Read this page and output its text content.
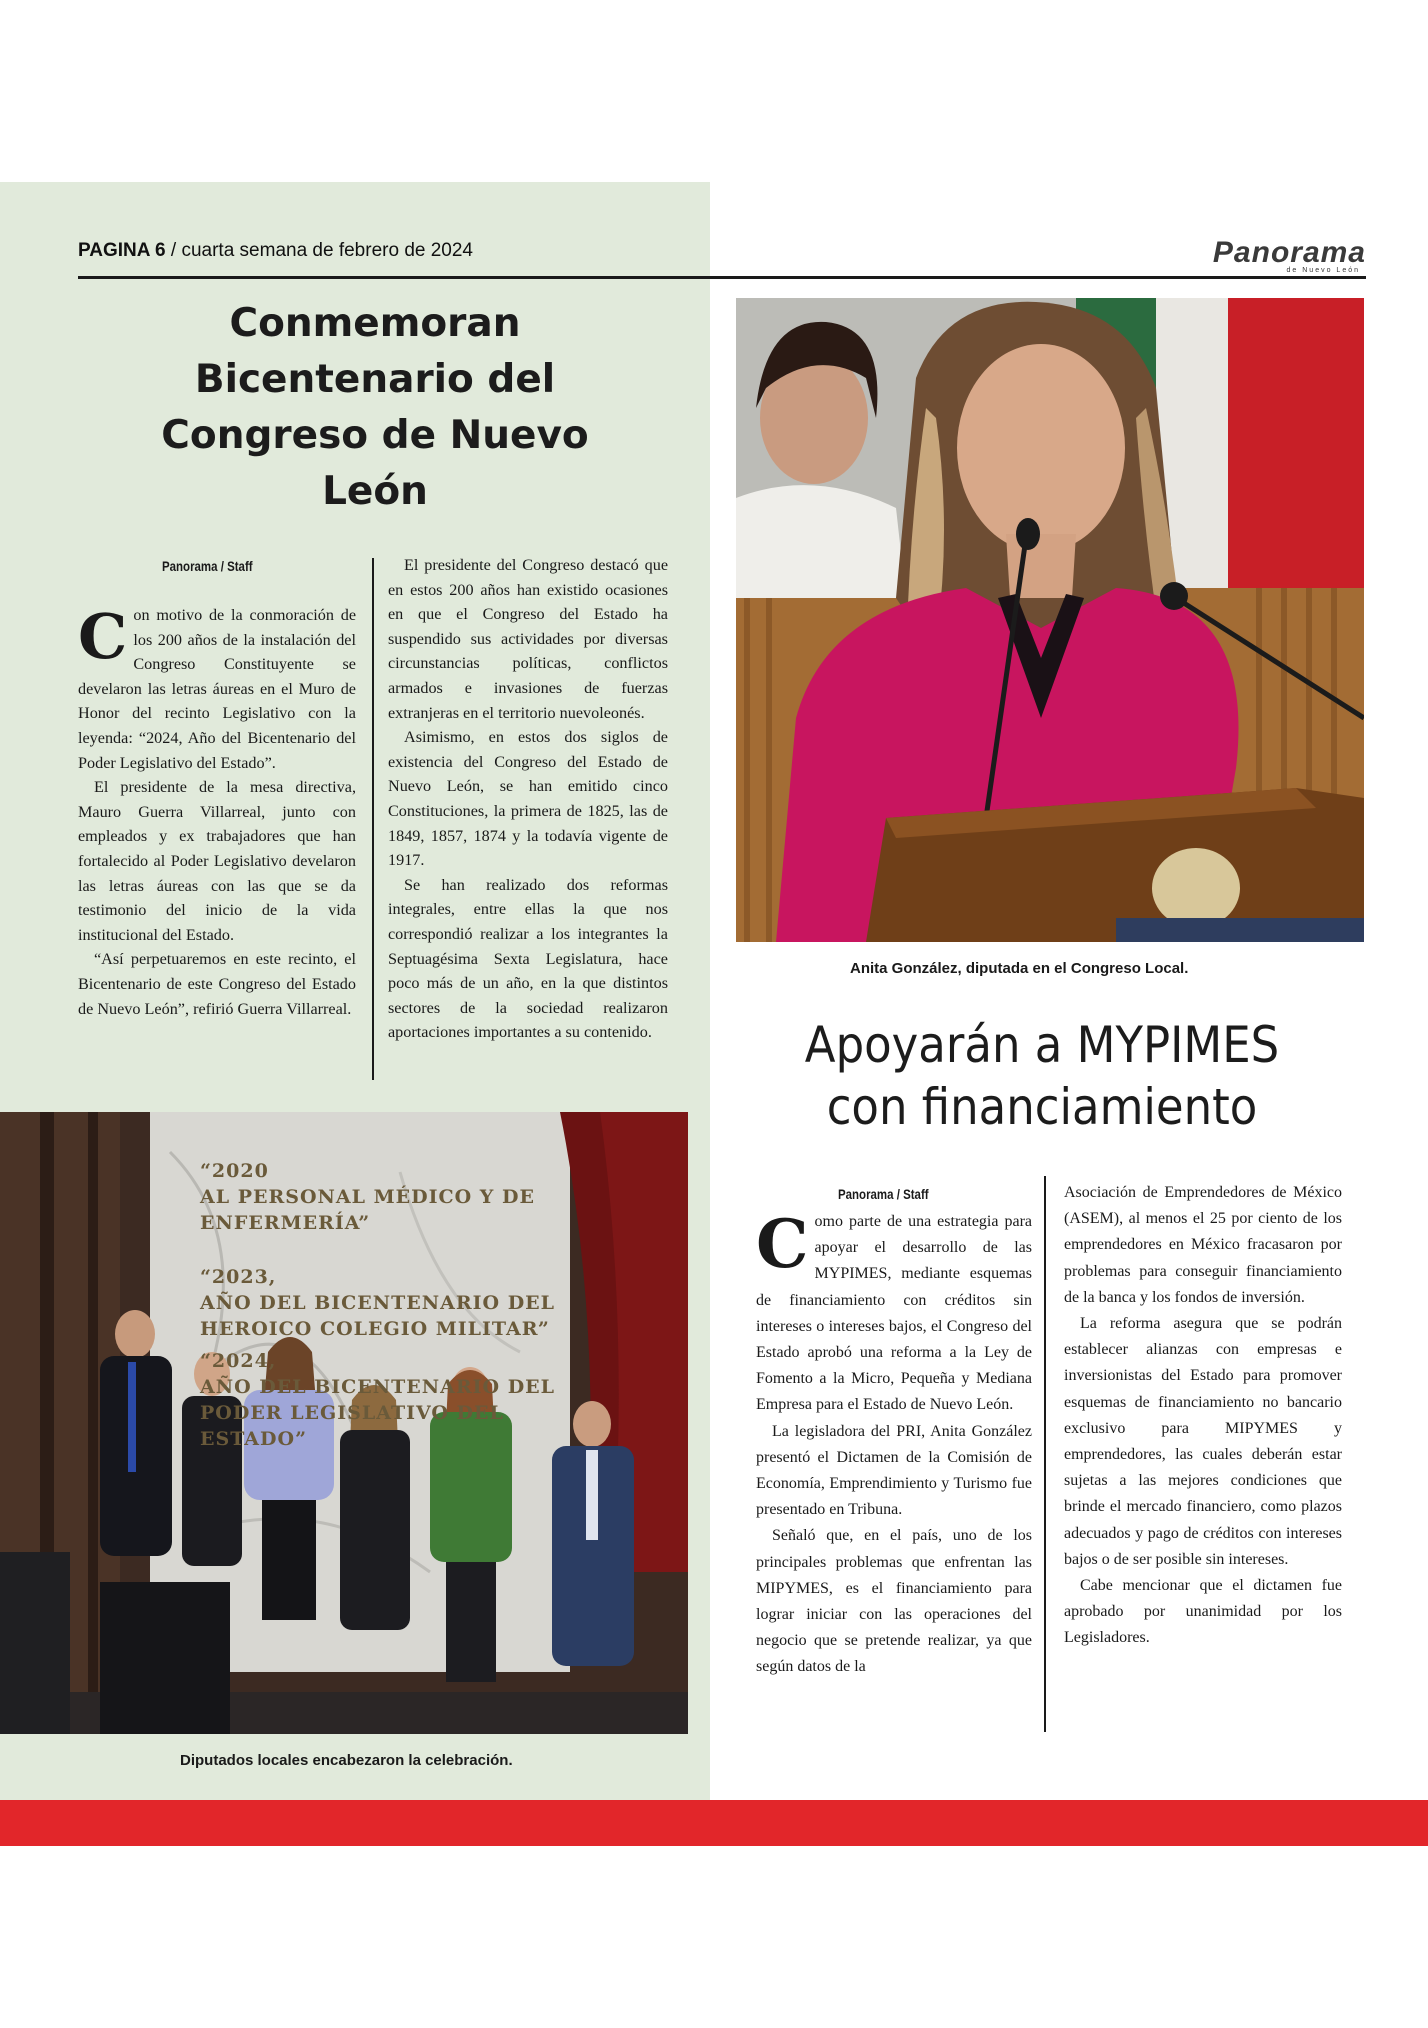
PAGINA 6 / cuarta semana de febrero de 2024	Panorama
de Nuevo León
Conmemoran Bicentenario del Congreso de Nuevo León
Panorama / Staff

Con motivo de la conmoración de los 200 años de la instalación del Congreso Constituyente se develaron las letras áureas en el Muro de Honor del recinto Legislativo con la leyenda: “2024, Año del Bicentenario del Poder Legislativo del Estado”.

El presidente de la mesa directiva, Mauro Guerra Villarreal, junto con empleados y ex trabajadores que han fortalecido al Poder Legislativo develaron las letras áureas con las que se da testimonio del inicio de la vida institucional del Estado.

“Así perpetuaremos en este recinto, el Bicentenario de este Congreso del Estado de Nuevo León”, refirió Guerra Villarreal.

El presidente del Congreso destacó que en estos 200 años han existido ocasiones en que el Congreso del Estado ha suspendido sus actividades por diversas circunstancias políticas, conflictos armados e invasiones de fuerzas extranjeras en el territorio nuevoleonés.

Asimismo, en estos dos siglos de existencia del Congreso del Estado de Nuevo León, se han emitido cinco Constituciones, la primera de 1825, las de 1849, 1857, 1874 y la todavía vigente de 1917.

Se han realizado dos reformas integrales, entre ellas la que nos correspondió realizar a los integrantes la Septuagésima Sexta Legislatura, hace poco más de un año, en la que distintos sectores de la sociedad realizaron aportaciones importantes a su contenido.

“2020
AL PERSONAL MÉDICO Y DE ENFERMERÍA”
“2023,
AÑO DEL BICENTENARIO DEL
HEROICO COLEGIO MILITAR”
“2024,
AÑO DEL BICENTENARIO DEL
PODER LEGISLATIVO DEL ESTADO”
Diputados locales encabezaron la celebración.
Anita González, diputada en el Congreso Local.
Apoyarán a MYPIMES
con financiamiento
Panorama / Staff

Como parte de una estrategia para apoyar el desarrollo de las MYPIMES, mediante esquemas de financiamiento con créditos sin intereses o intereses bajos, el Congreso del Estado aprobó una reforma a la Ley de Fomento a la Micro, Pequeña y Mediana Empresa para el Estado de Nuevo León.

La legisladora del PRI, Anita González presentó el Dictamen de la Comisión de Economía, Emprendimiento y Turismo fue presentado en Tribuna.

Señaló que, en el país, uno de los principales problemas que enfrentan las MIPYMES, es el financiamiento para lograr iniciar con las operaciones del negocio que se pretende realizar, ya que según datos de la

Asociación de Emprendedores de México (ASEM), al menos el 25 por ciento de los emprendedores en México fracasaron por problemas para conseguir financiamiento de la banca y los fondos de inversión.

La reforma asegura que se podrán establecer alianzas con empresas e inversionistas del Estado para promover esquemas de financiamiento no bancario exclusivo para MIPYMES y emprendedores, las cuales deberán estar sujetas a las mejores condiciones que brinde el mercado financiero, como plazos adecuados y pago de créditos con intereses bajos o de ser posible sin intereses.

Cabe mencionar que el dictamen fue aprobado por unanimidad por los Legisladores.
